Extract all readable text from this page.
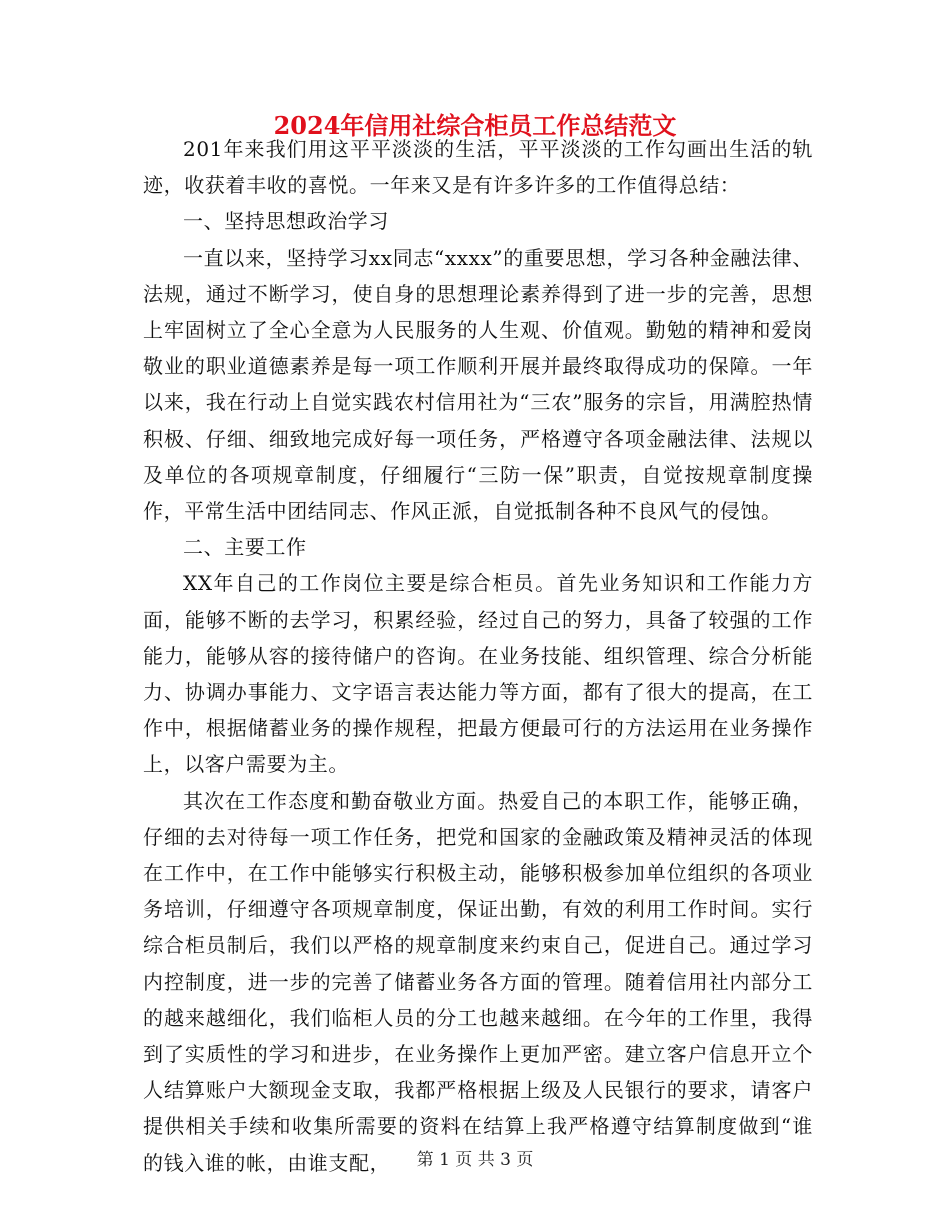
2024年信用社综合柜员工作总结范文

201年来我们用这平平淡淡的生活，平平淡淡的工作勾画出生活的轨迹，收获着丰收的喜悦。一年来又是有许多许多的工作值得总结：

一、坚持思想政治学习

一直以来，坚持学习xx同志“xxxx”的重要思想，学习各种金融法律、法规，通过不断学习，使自身的思想理论素养得到了进一步的完善，思想上牢固树立了全心全意为人民服务的人生观、价值观。勤勉的精神和爱岗敬业的职业道德素养是每一项工作顺利开展并最终取得成功的保障。一年以来，我在行动上自觉实践农村信用社为“三农”服务的宗旨，用满腔热情积极、仔细、细致地完成好每一项任务，严格遵守各项金融法律、法规以及单位的各项规章制度，仔细履行“三防一保”职责，自觉按规章制度操作，平常生活中团结同志、作风正派，自觉抵制各种不良风气的侵蚀。

二、主要工作

XX年自己的工作岗位主要是综合柜员。首先业务知识和工作能力方面，能够不断的去学习，积累经验，经过自己的努力，具备了较强的工作能力，能够从容的接待储户的咨询。在业务技能、组织管理、综合分析能力、协调办事能力、文字语言表达能力等方面，都有了很大的提高，在工作中，根据储蓄业务的操作规程，把最方便最可行的方法运用在业务操作上，以客户需要为主。

其次在工作态度和勤奋敬业方面。热爱自己的本职工作，能够正确，仔细的去对待每一项工作任务，把党和国家的金融政策及精神灵活的体现在工作中，在工作中能够实行积极主动，能够积极参加单位组织的各项业务培训，仔细遵守各项规章制度，保证出勤，有效的利用工作时间。实行综合柜员制后，我们以严格的规章制度来约束自己，促进自己。通过学习内控制度，进一步的完善了储蓄业务各方面的管理。随着信用社内部分工的越来越细化，我们临柜人员的分工也越来越细。在今年的工作里，我得到了实质性的学习和进步，在业务操作上更加严密。建立客户信息开立个人结算账户大额现金支取，我都严格根据上级及人民银行的要求，请客户提供相关手续和收集所需要的资料在结算上我严格遵守结算制度做到“谁的钱入谁的帐，由谁支配，	第 1 页 共 3 页
